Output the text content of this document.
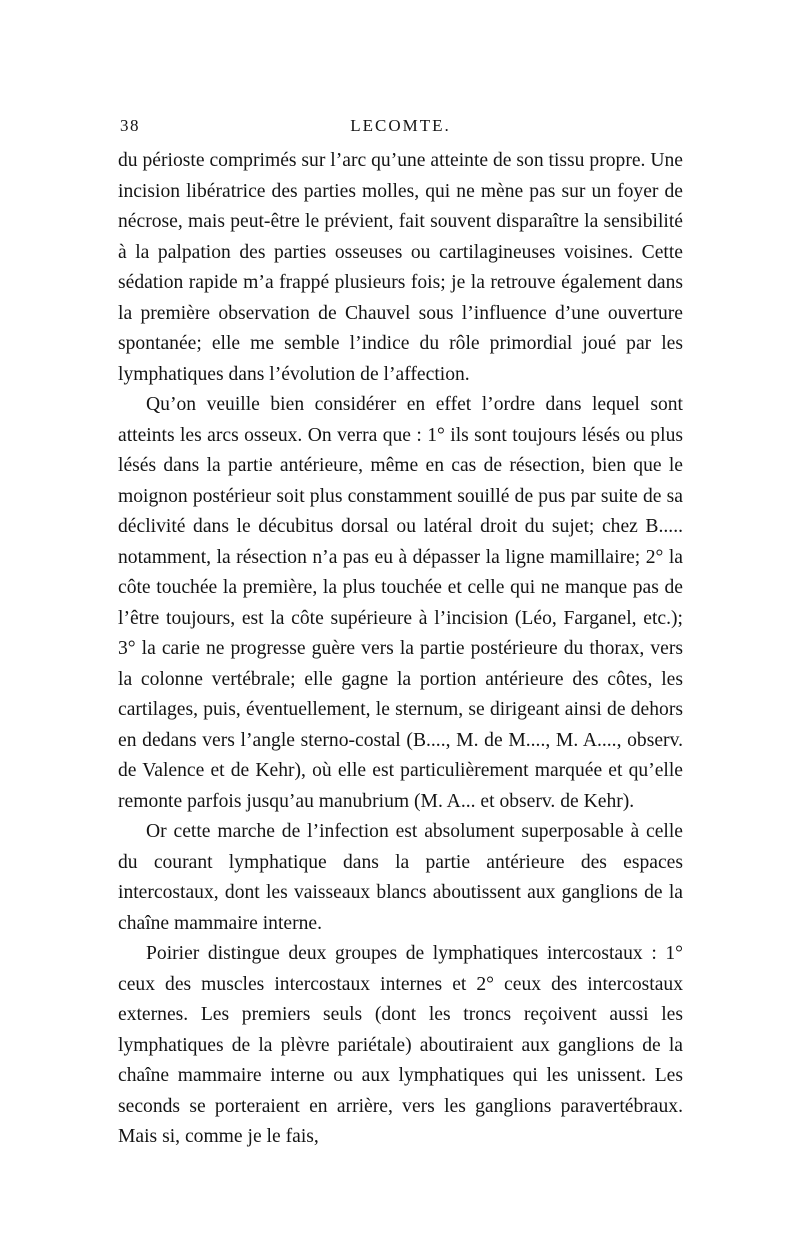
38	LECOMTE.

du périoste comprimés sur l’arc qu’une atteinte de son tissu propre. Une incision libératrice des parties molles, qui ne mène pas sur un foyer de nécrose, mais peut-être le prévient, fait souvent disparaître la sensibilité à la palpation des parties osseuses ou cartilagineuses voisines. Cette sédation rapide m’a frappé plusieurs fois; je la retrouve également dans la première observation de Chauvel sous l’influence d’une ouverture spontanée; elle me semble l’indice du rôle primordial joué par les lymphatiques dans l’évolution de l’affection.

Qu’on veuille bien considérer en effet l’ordre dans lequel sont atteints les arcs osseux. On verra que : 1° ils sont toujours lésés ou plus lésés dans la partie antérieure, même en cas de résection, bien que le moignon postérieur soit plus constamment souillé de pus par suite de sa déclivité dans le décubitus dorsal ou latéral droit du sujet; chez B..... notamment, la résection n’a pas eu à dépasser la ligne mamillaire; 2° la côte touchée la première, la plus touchée et celle qui ne manque pas de l’être toujours, est la côte supérieure à l’incision (Léo, Farganel, etc.); 3° la carie ne progresse guère vers la partie postérieure du thorax, vers la colonne vertébrale; elle gagne la portion antérieure des côtes, les cartilages, puis, éventuellement, le sternum, se dirigeant ainsi de dehors en dedans vers l’angle sterno-costal (B...., M. de M...., M. A...., observ. de Valence et de Kehr), où elle est particulièrement marquée et qu’elle remonte parfois jusqu’au manubrium (M. A... et observ. de Kehr).

Or cette marche de l’infection est absolument superposable à celle du courant lymphatique dans la partie antérieure des espaces intercostaux, dont les vaisseaux blancs aboutissent aux ganglions de la chaîne mammaire interne.

Poirier distingue deux groupes de lymphatiques intercostaux : 1° ceux des muscles intercostaux internes et 2° ceux des intercostaux externes. Les premiers seuls (dont les troncs reçoivent aussi les lymphatiques de la plèvre pariétale) aboutiraient aux ganglions de la chaîne mammaire interne ou aux lymphatiques qui les unissent. Les seconds se porteraient en arrière, vers les ganglions paravertébraux. Mais si, comme je le fais,
